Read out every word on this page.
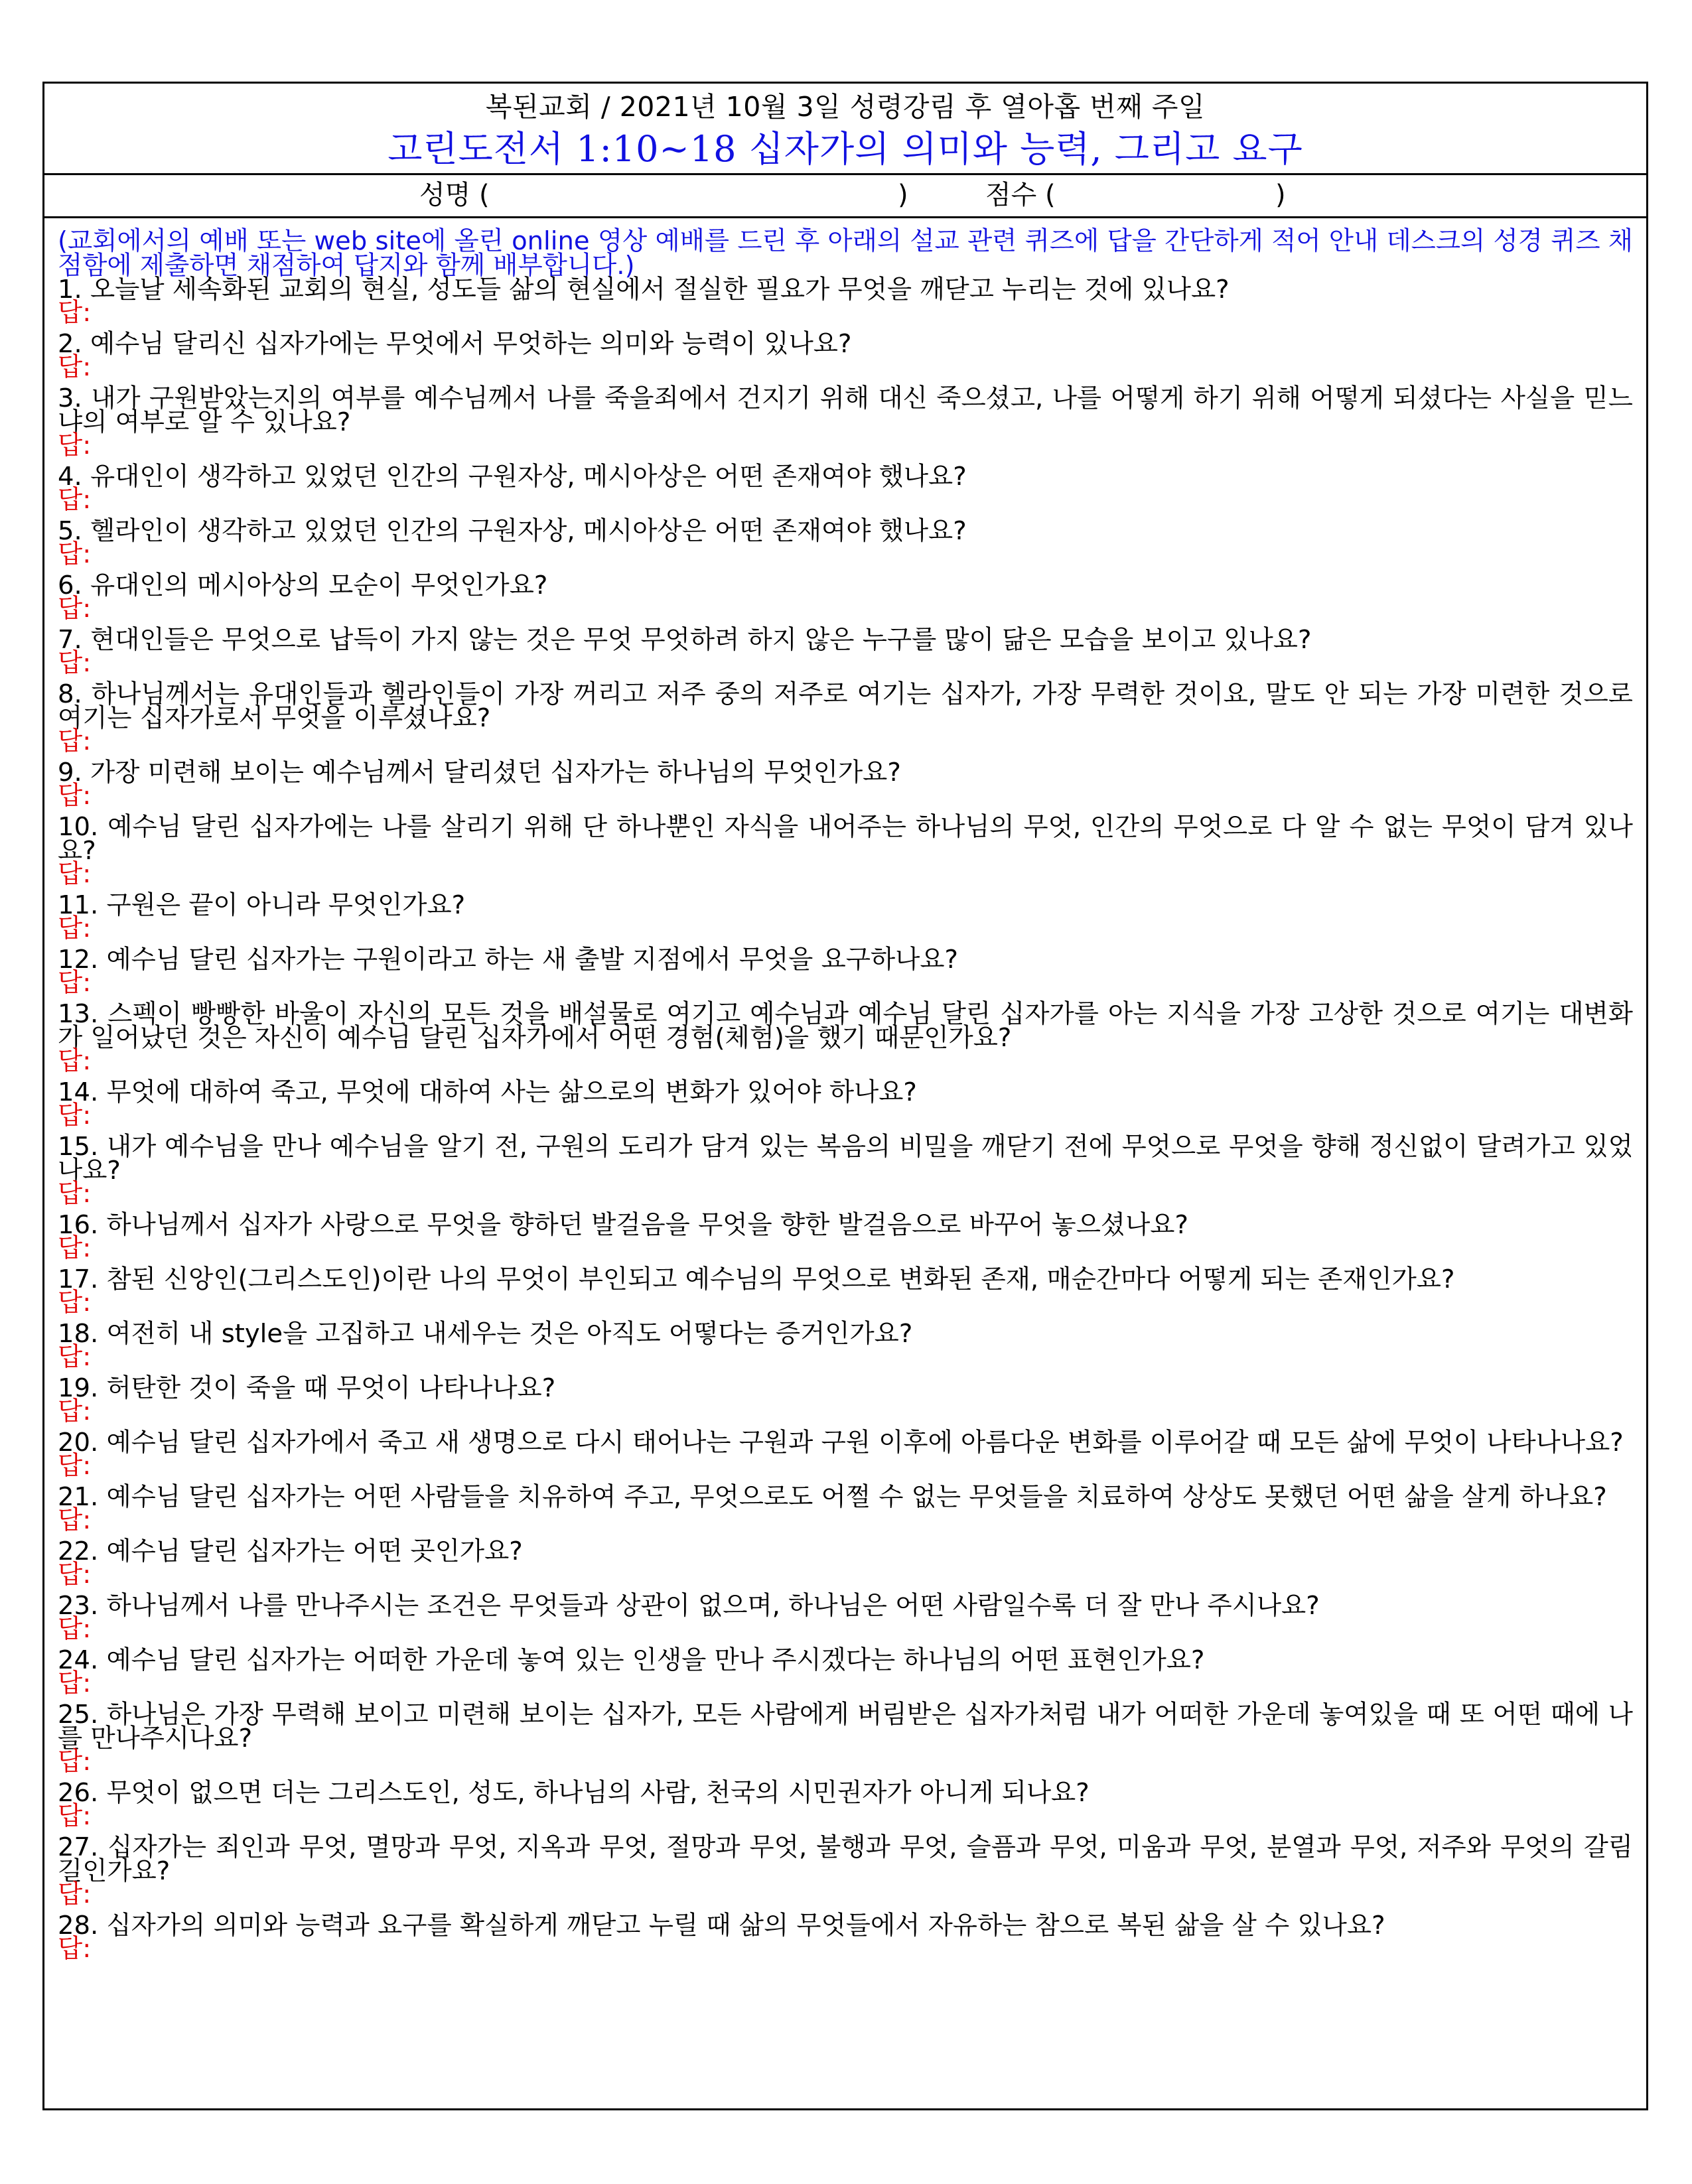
복된교회 / 2021년 10월 3일 성령강림 후 열아홉 번째 주일
고린도전서 1:10~18 십자가의 의미와 능력, 그리고 요구
성명 (	)	점수 (	)
(교회에서의 예배 또는 web site에 올린 online 영상 예배를 드린 후 아래의 설교 관련 퀴즈에 답을 간단하게 적어 안내 데스크의 성경 퀴즈 채점함에 제출하면 채점하여 답지와 함께 배부합니다.)
1. 오늘날 세속화된 교회의 현실, 성도들 삶의 현실에서 절실한 필요가 무엇을 깨닫고 누리는 것에 있나요?
답:
2. 예수님 달리신 십자가에는 무엇에서 무엇하는 의미와 능력이 있나요?
답:
3. 내가 구원받았는지의 여부를 예수님께서 나를 죽을죄에서 건지기 위해 대신 죽으셨고, 나를 어떻게 하기 위해 어떻게 되셨다는 사실을 믿느냐의 여부로 알 수 있나요?
답:
4. 유대인이 생각하고 있었던 인간의 구원자상, 메시아상은 어떤 존재여야 했나요?
답:
5. 헬라인이 생각하고 있었던 인간의 구원자상, 메시아상은 어떤 존재여야 했나요?
답:
6. 유대인의 메시아상의 모순이 무엇인가요?
답:
7. 현대인들은 무엇으로 납득이 가지 않는 것은 무엇 무엇하려 하지 않은 누구를 많이 닮은 모습을 보이고 있나요?
답:
8. 하나님께서는 유대인들과 헬라인들이 가장 꺼리고 저주 중의 저주로 여기는 십자가, 가장 무력한 것이요, 말도 안 되는 가장 미련한 것으로 여기는 십자가로서 무엇을 이루셨나요?
답:
9. 가장 미련해 보이는 예수님께서 달리셨던 십자가는 하나님의 무엇인가요?
답:
10. 예수님 달린 십자가에는 나를 살리기 위해 단 하나뿐인 자식을 내어주는 하나님의 무엇, 인간의 무엇으로 다 알 수 없는 무엇이 담겨 있나요?
답:
11. 구원은 끝이 아니라 무엇인가요?
답:
12. 예수님 달린 십자가는 구원이라고 하는 새 출발 지점에서 무엇을 요구하나요?
답:
13. 스펙이 빵빵한 바울이 자신의 모든 것을 배설물로 여기고 예수님과 예수님 달린 십자가를 아는 지식을 가장 고상한 것으로 여기는 대변화가 일어났던 것은 자신이 예수님 달린 십자가에서 어떤 경험(체험)을 했기 때문인가요?
답:
14. 무엇에 대하여 죽고, 무엇에 대하여 사는 삶으로의 변화가 있어야 하나요?
답:
15. 내가 예수님을 만나 예수님을 알기 전, 구원의 도리가 담겨 있는 복음의 비밀을 깨닫기 전에 무엇으로 무엇을 향해 정신없이 달려가고 있었나요?
답:
16. 하나님께서 십자가 사랑으로 무엇을 향하던 발걸음을 무엇을 향한 발걸음으로 바꾸어 놓으셨나요?
답:
17. 참된 신앙인(그리스도인)이란 나의 무엇이 부인되고 예수님의 무엇으로 변화된 존재, 매순간마다 어떻게 되는 존재인가요?
답:
18. 여전히 내 style을 고집하고 내세우는 것은 아직도 어떻다는 증거인가요?
답:
19. 허탄한 것이 죽을 때 무엇이 나타나나요?
답:
20. 예수님 달린 십자가에서 죽고 새 생명으로 다시 태어나는 구원과 구원 이후에 아름다운 변화를 이루어갈 때 모든 삶에 무엇이 나타나나요?
답:
21. 예수님 달린 십자가는 어떤 사람들을 치유하여 주고, 무엇으로도 어쩔 수 없는 무엇들을 치료하여 상상도 못했던 어떤 삶을 살게 하나요?
답:
22. 예수님 달린 십자가는 어떤 곳인가요?
답:
23. 하나님께서 나를 만나주시는 조건은 무엇들과 상관이 없으며, 하나님은 어떤 사람일수록 더 잘 만나 주시나요?
답:
24. 예수님 달린 십자가는 어떠한 가운데 놓여 있는 인생을 만나 주시겠다는 하나님의 어떤 표현인가요?
답:
25. 하나님은 가장 무력해 보이고 미련해 보이는 십자가, 모든 사람에게 버림받은 십자가처럼 내가 어떠한 가운데 놓여있을 때 또 어떤 때에 나를 만나주시나요?
답:
26. 무엇이 없으면 더는 그리스도인, 성도, 하나님의 사람, 천국의 시민권자가 아니게 되나요?
답:
27. 십자가는 죄인과 무엇, 멸망과 무엇, 지옥과 무엇, 절망과 무엇, 불행과 무엇, 슬픔과 무엇, 미움과 무엇, 분열과 무엇, 저주와 무엇의 갈림길인가요?
답:
28. 십자가의 의미와 능력과 요구를 확실하게 깨닫고 누릴 때 삶의 무엇들에서 자유하는 참으로 복된 삶을 살 수 있나요?
답:
